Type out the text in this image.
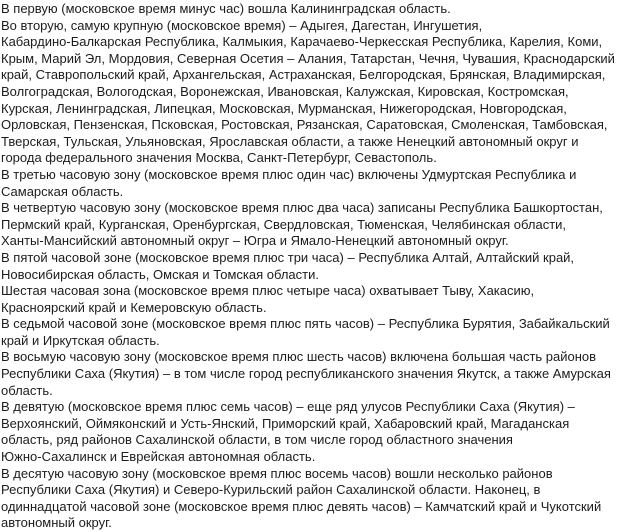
В первую (московское время минус час) вошла Калининградская область.
Во вторую, самую крупную (московское время) – Адыгея, Дагестан, Ингушетия,
Кабардино-Балкарская Республика, Калмыкия, Карачаево-Черкесская Республика, Карелия, Коми,
Крым, Марий Эл, Мордовия, Северная Осетия – Алания, Татарстан, Чечня, Чувашия, Краснодарский
край, Ставропольский край, Архангельская, Астраханская, Белгородская, Брянская, Владимирская,
Волгоградская, Вологодская, Воронежская, Ивановская, Калужская, Кировская, Костромская,
Курская, Ленинградская, Липецкая, Московская, Мурманская, Нижегородская, Новгородская,
Орловская, Пензенская, Псковская, Ростовская, Рязанская, Саратовская, Смоленская, Тамбовская,
Тверская, Тульская, Ульяновская, Ярославская области, а также Ненецкий автономный округ и
города федерального значения Москва, Санкт-Петербург, Севастополь.
В третью часовую зону (московское время плюс один час) включены Удмуртская Республика и
Самарская область.
В четвертую часовую зону (московское время плюс два часа) записаны Республика Башкортостан,
Пермский край, Курганская, Оренбургская, Свердловская, Тюменская, Челябинская области,
Ханты-Мансийский автономный округ – Югра и Ямало-Ненецкий автономный округ.
В пятой часовой зоне (московское время плюс три часа) – Республика Алтай, Алтайский край,
Новосибирская область, Омская и Томская области.
Шестая часовая зона (московское время плюс четыре часа) охватывает Тыву, Хакасию,
Красноярский край и Кемеровскую область.
В седьмой часовой зоне (московское время плюс пять часов) – Республика Бурятия, Забайкальский
край и Иркутская область.
В восьмую часовую зону (московское время плюс шесть часов) включена большая часть районов
Республики Саха (Якутия) – в том числе город республиканского значения Якутск, а также Амурская
область.
В девятую (московское время плюс семь часов) – еще ряд улусов Республики Саха (Якутия) –
Верхоянский, Оймяконский и Усть-Янский, Приморский край, Хабаровский край, Магаданская
область, ряд районов Сахалинской области, в том числе город областного значения
Южно-Сахалинск и Еврейская автономная область.
В десятую часовую зону (московское время плюс восемь часов) вошли несколько районов
Республики Саха (Якутия) и Северо-Курильский район Сахалинской области. Наконец, в
одиннадцатой часовой зоне (московское время плюс девять часов) – Камчатский край и Чукотский
автономный округ.
